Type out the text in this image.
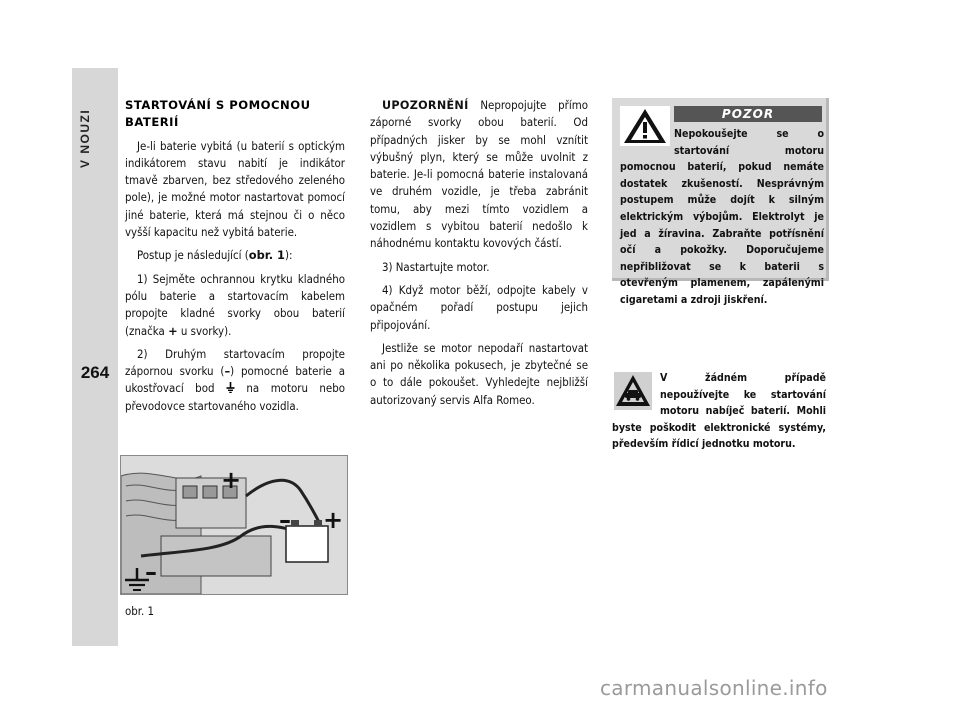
V NOUZI
264
STARTOVÁNÍ S POMOCNOU BATERIÍ

Je-li baterie vybitá (u baterií s optickým indikátorem stavu nabití je indikátor tmavě zbarven, bez středového zeleného pole), je možné motor nastartovat pomocí jiné baterie, která má stejnou či o něco vyšší kapacitu než vybitá baterie.

Postup je následující (obr. 1):

1) Sejměte ochrannou krytku kladného pólu baterie a startovacím kabelem propojte kladné svorky obou baterií (značka + u svorky).

2) Druhým startovacím propojte zápornou svorku (–) pomocné baterie a ukostřovací bod  na motoru nebo převodovce startovaného vozidla.

UPOZORNĚNÍ Nepropojujte přímo záporné svorky obou baterií. Od případných jisker by se mohl vznítit výbušný plyn, který se může uvolnit z baterie. Je-li pomocná baterie instalovaná ve druhém vozidle, je třeba zabránit tomu, aby mezi tímto vozidlem a vozidlem s vybitou baterií nedošlo k náhodnému kontaktu kovových částí.

3) Nastartujte motor.

4) Když motor běží, odpojte kabely v opačném pořadí postupu jejich připojování.

Jestliže se motor nepodaří nastartovat ani po několika pokusech, je zbytečné se o to dále pokoušet. Vyhledejte nejbližší autorizovaný servis Alfa Romeo.

POZOR
Nepokoušejte se o startování motoru pomocnou baterií, pokud nemáte dostatek zkušeností. Nesprávným postupem může dojít k silným elektrickým výbojům. Elektrolyt je jed a žíravina. Zabraňte potřísnění očí a pokožky. Doporučujeme nepřibližovat se k baterii s otevřeným plamenem, zapálenými cigaretami a zdroji jiskření.
V žádném případě nepoužívejte ke startování motoru nabíječ baterií. Mohli byste poškodit elektronické systémy, především řídicí jednotku motoru.
+
– +
–
obr. 1
carmanualsonline.info
